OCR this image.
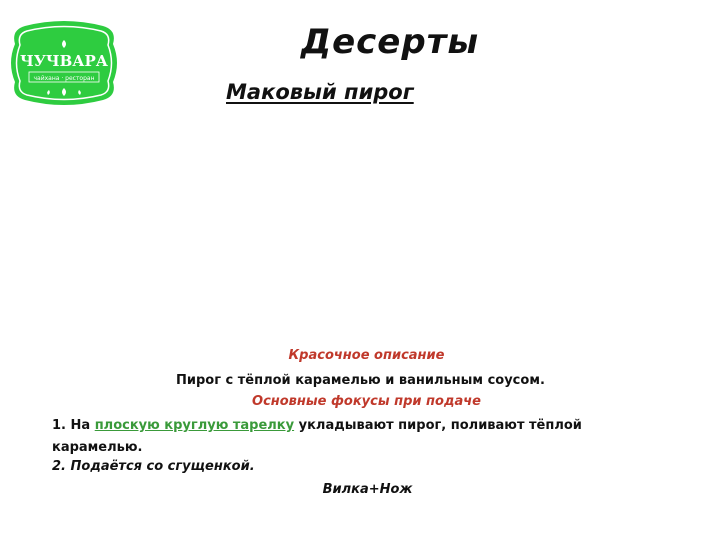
ЧУЧВАРА
чайхана · ресторан
Десерты
Маковый пирог
Красочное описание
Пирог с тёплой карамелью и ванильным соусом.
Основные фокусы при подаче
1. На плоскую круглую тарелку укладывают пирог, поливают тёплой карамелью.
2. Подаётся со сгущенкой.
Вилка+Нож
